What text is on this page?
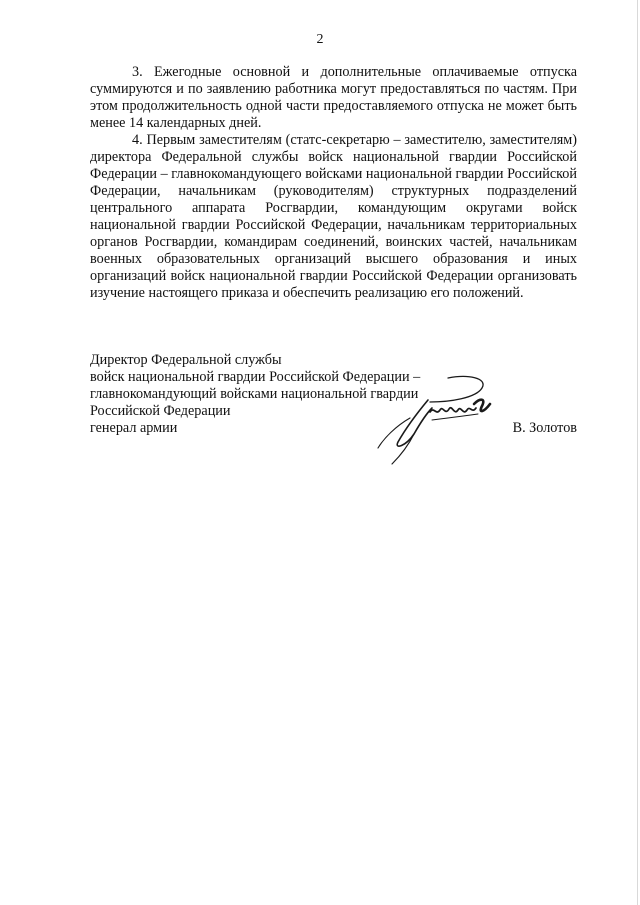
2

3. Ежегодные основной и дополнительные оплачиваемые отпуска суммируются и по заявлению работника могут предоставляться по частям. При этом продолжительность одной части предоставляемого отпуска не может быть менее 14 календарных дней.

4. Первым заместителям (статс-секретарю – заместителю, заместителям) директора Федеральной службы войск национальной гвардии Российской Федерации – главнокомандующего войсками национальной гвардии Российской Федерации, начальникам (руководителям) структурных подразделений центрального аппарата Росгвардии, командующим округами войск национальной гвардии Российской Федерации, начальникам территориальных органов Росгвардии, командирам соединений, воинских частей, начальникам военных образовательных организаций высшего образования и иных организаций войск национальной гвардии Российской Федерации организовать изучение настоящего приказа и обеспечить реализацию его положений.

Директор Федеральной службы
войск национальной гвардии Российской Федерации –
главнокомандующий войсками национальной гвардии
Российской Федерации
генерал армии	В. Золотов
